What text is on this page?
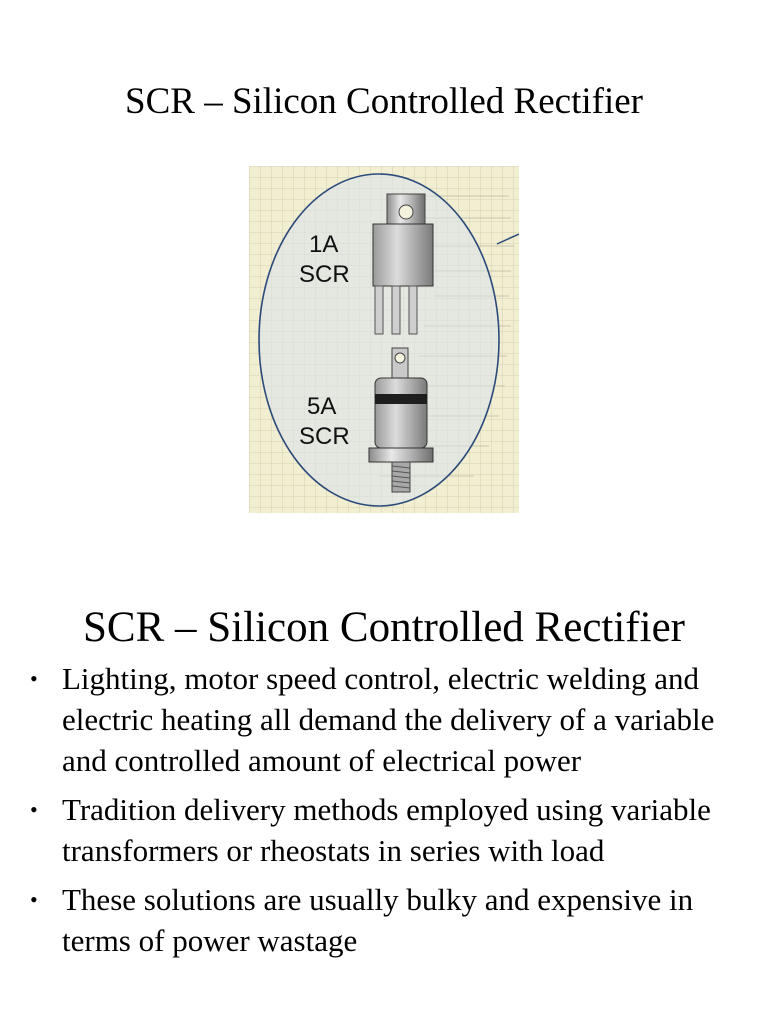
SCR – Silicon Controlled Rectifier
1A
SCR
5A
SCR
SCR – Silicon Controlled Rectifier
• Lighting, motor speed control, electric welding and electric heating all demand the delivery of a variable and controlled amount of electrical power
• Tradition delivery methods employed using variable transformers or rheostats in series with load
• These solutions are usually bulky and expensive in terms of power wastage
